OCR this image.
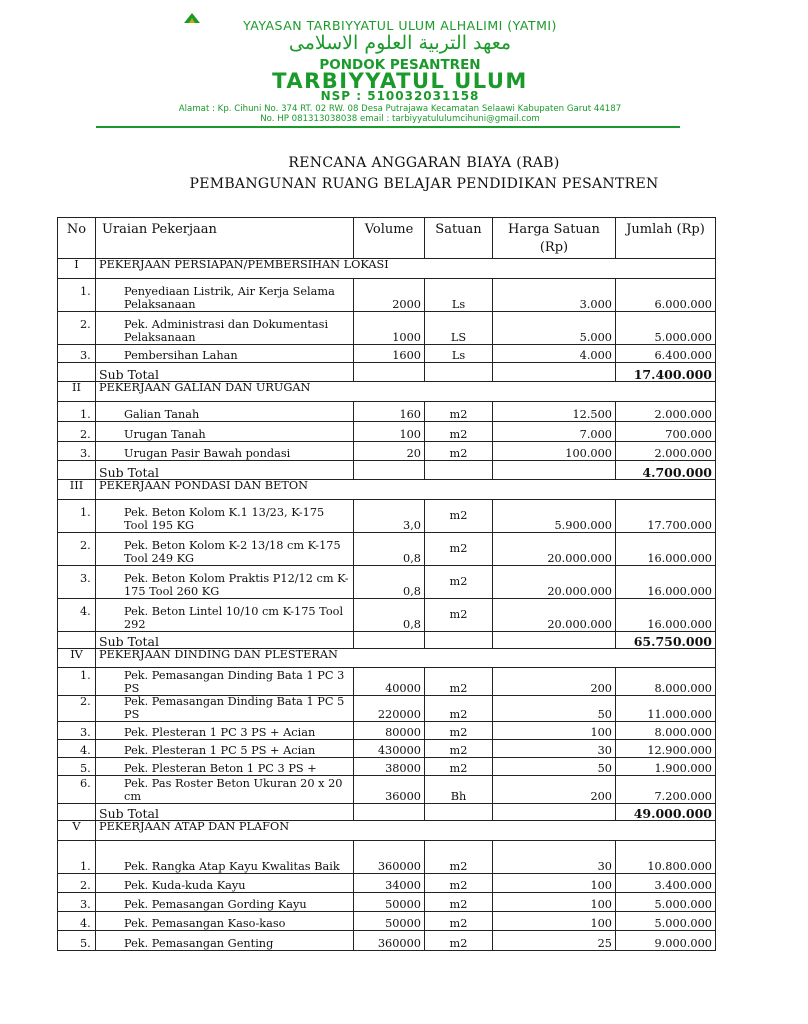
YAYASAN TARBIYYATUL ULUM ALHALIMI (YATMI)
معهد التربية العلوم الاسلامى
PONDOK PESANTREN
TARBIYYATUL ULUM
NSP : 510032031158
Alamat : Kp. Cihuni No. 374 RT. 02 RW. 08 Desa Putrajawa Kecamatan Selaawi Kabupaten Garut 44187
No. HP 081313038038 email : tarbiyyatululumcihuni@gmail.com
RENCANA ANGGARAN BIAYA (RAB)
PEMBANGUNAN RUANG BELAJAR PENDIDIKAN PESANTREN
No	Uraian Pekerjaan	Volume	Satuan	Harga Satuan (Rp)	Jumlah (Rp)
I	PEKERJAAN PERSIAPAN/PEMBERSIHAN LOKASI				

	1. Penyediaan Listrik, Air Kerja Selama Pelaksanaan	2000	Ls	3.000	6.000.000

	2. Pek. Administrasi dan Dokumentasi Pelaksanaan	1000	LS	5.000	5.000.000

	3. Pembersihan Lahan	1600	Ls	4.000	6.400.000
	Sub Total				17.400.000
II	PEKERJAAN GALIAN DAN URUGAN				

	1. Galian Tanah	160	m2	12.500	2.000.000

	2. Urugan Tanah	100	m2	7.000	700.000

	3. Urugan Pasir Bawah pondasi	20	m2	100.000	2.000.000
	Sub Total				4.700.000
III	PEKERJAAN PONDASI DAN BETON				

	1. Pek. Beton Kolom K.1 13/23, K-175 Tool 195 KG	3,0	m2	5.900.000	17.700.000

	2. Pek. Beton Kolom K-2 13/18 cm K-175 Tool 249 KG	0,8	m2	20.000.000	16.000.000

	3. Pek. Beton Kolom Praktis P12/12 cm K-175 Tool 260 KG	0,8	m2	20.000.000	16.000.000

	4. Pek. Beton Lintel 10/10 cm K-175 Tool 292	0,8	m2	20.000.000	16.000.000
	Sub Total				65.750.000
IV	PEKERJAAN DINDING DAN PLESTERAN				

	1. Pek. Pemasangan Dinding Bata 1 PC 3 PS	40000	m2	200	8.000.000

	2. Pek. Pemasangan Dinding Bata 1 PC 5 PS	220000	m2	50	11.000.000

	3. Pek. Plesteran 1 PC 3 PS + Acian	80000	m2	100	8.000.000

	4. Pek. Plesteran 1 PC 5 PS + Acian	430000	m2	30	12.900.000

	5. Pek. Plesteran Beton 1 PC 3 PS +	38000	m2	50	1.900.000

	6. Pek. Pas Roster Beton Ukuran 20 x 20 cm	36000	Bh	200	7.200.000
	Sub Total				49.000.000
V	PEKERJAAN ATAP DAN PLAFON				

	1. Pek. Rangka Atap Kayu Kwalitas Baik	360000	m2	30	10.800.000

	2. Pek. Kuda-kuda Kayu	34000	m2	100	3.400.000

	3. Pek. Pemasangan Gording Kayu	50000	m2	100	5.000.000

	4. Pek. Pemasangan Kaso-kaso	50000	m2	100	5.000.000

	5. Pek. Pemasangan Genting	360000	m2	25	9.000.000
